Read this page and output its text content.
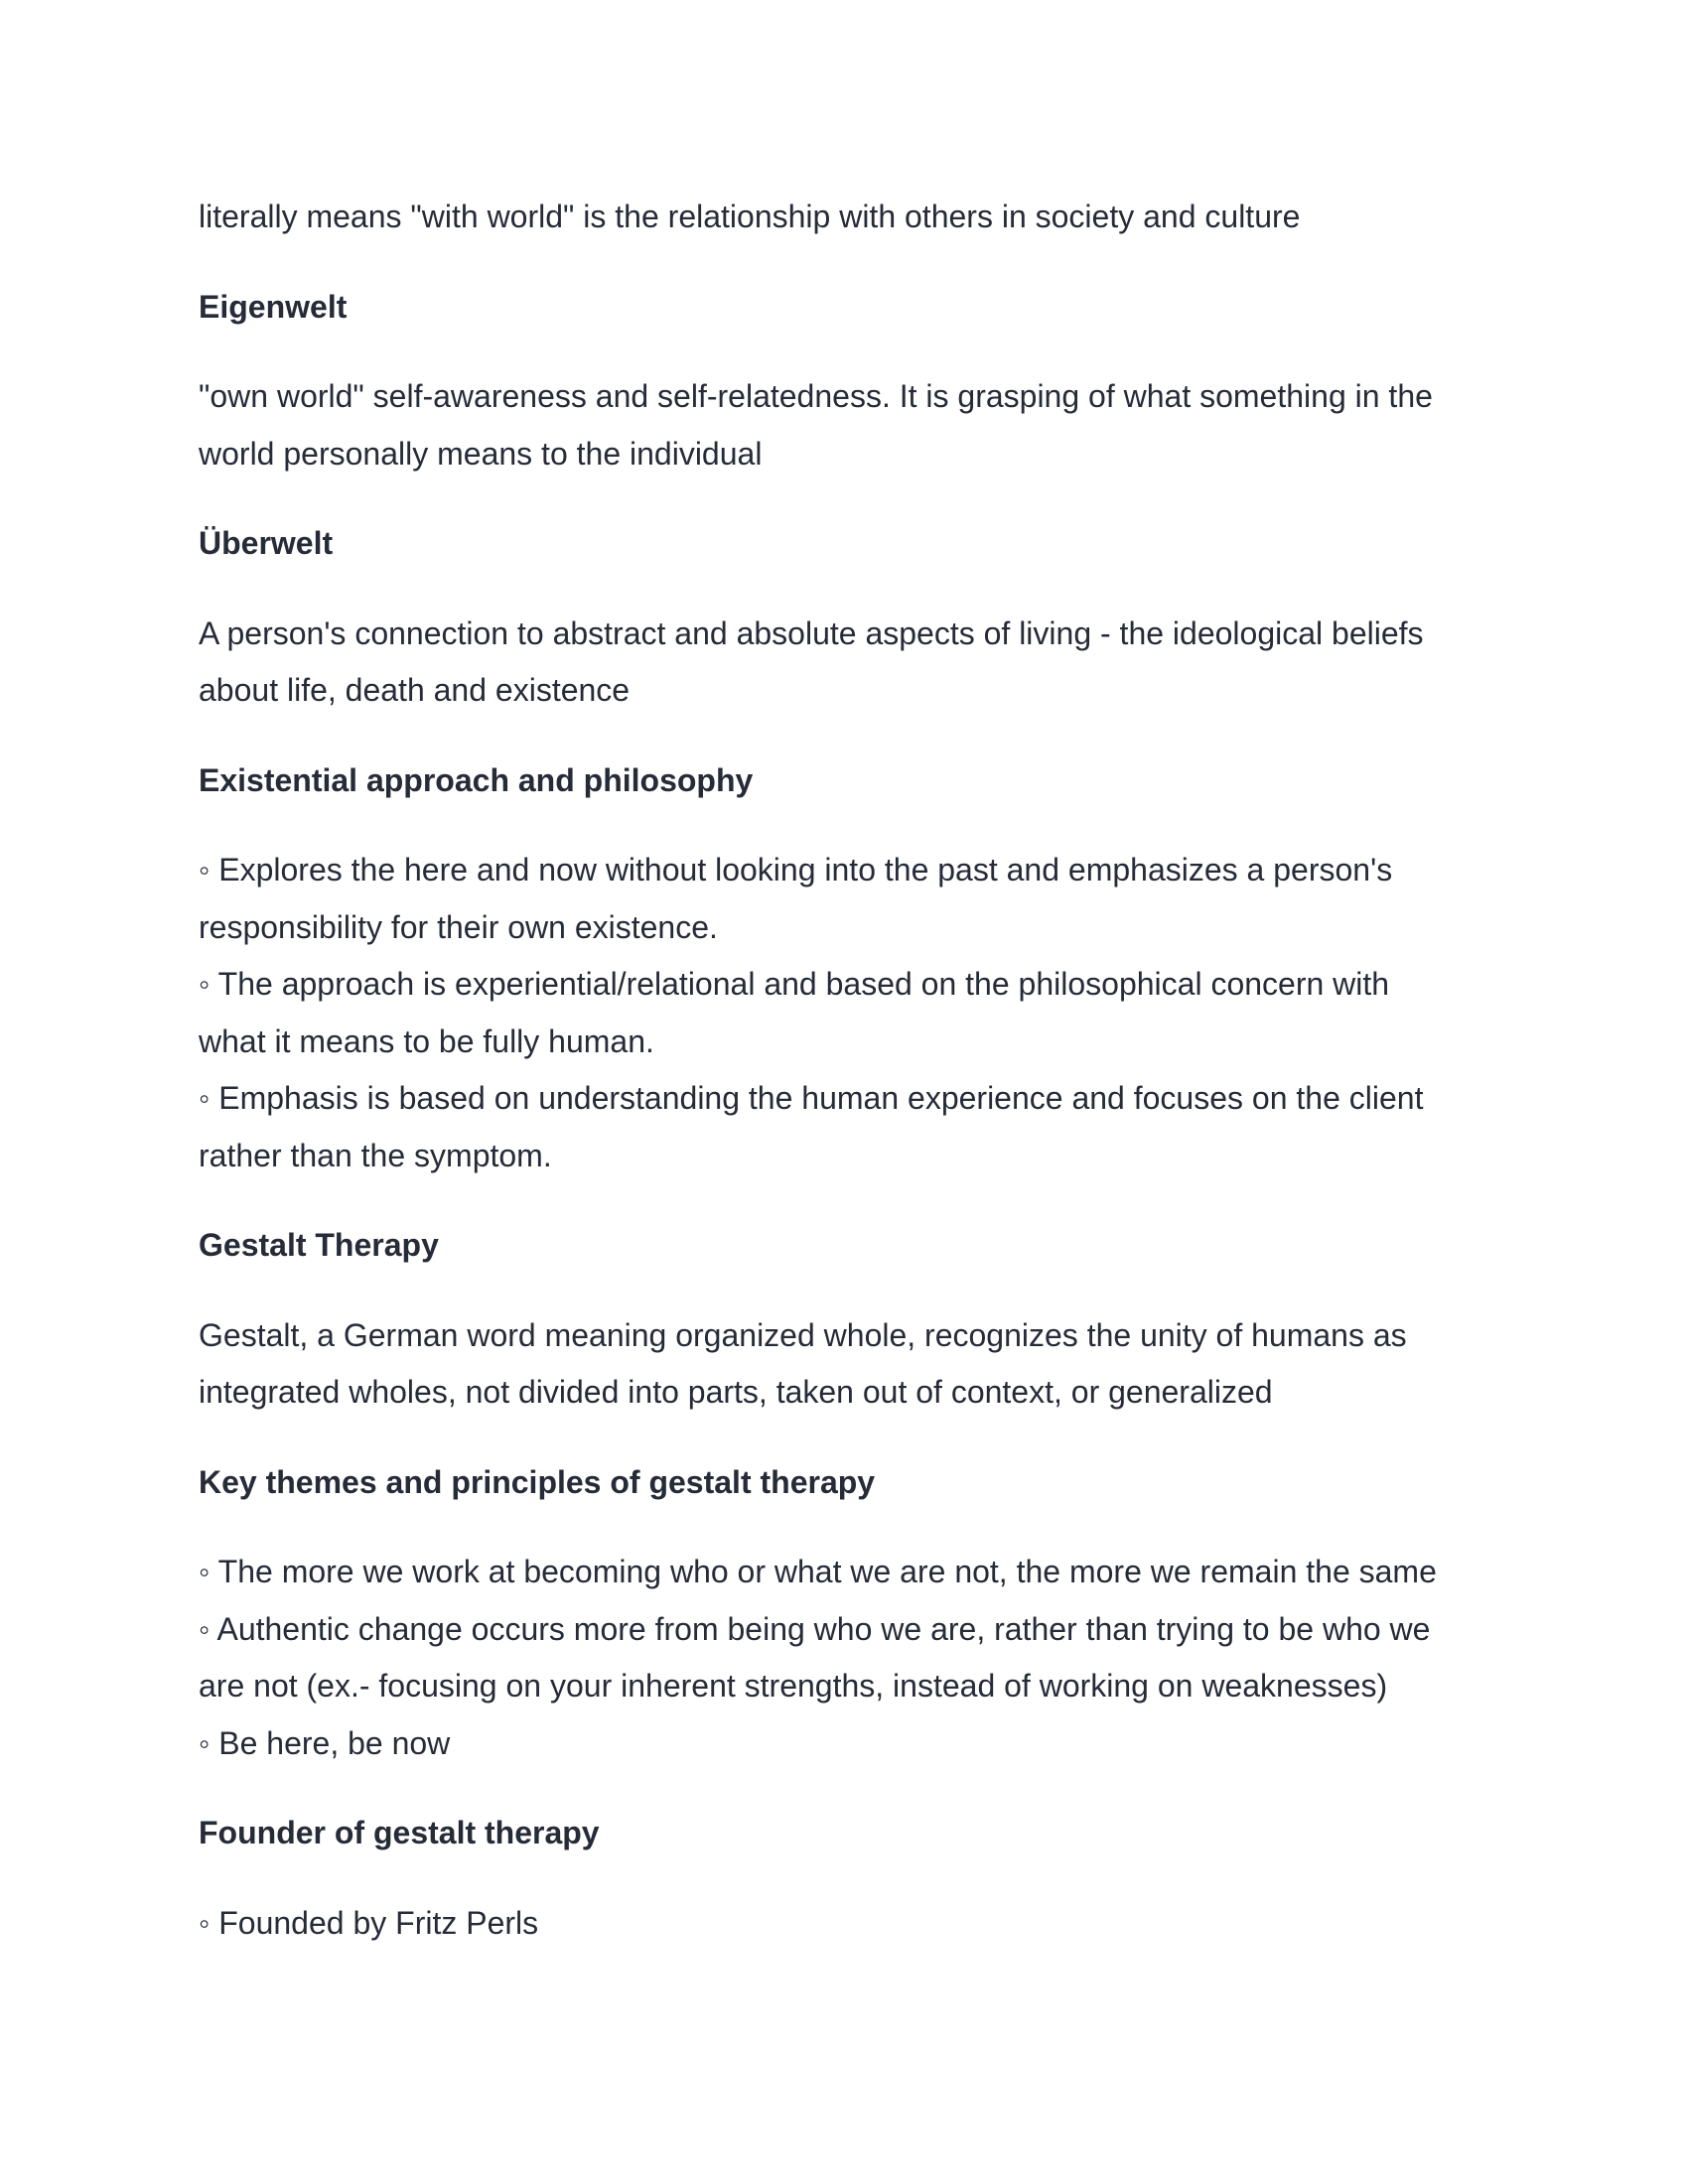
literally means "with world" is the relationship with others in society and culture
Eigenwelt
"own world" self-awareness and self-relatedness. It is grasping of what something in the
world personally means to the individual
Überwelt
A person's connection to abstract and absolute aspects of living - the ideological beliefs
about life, death and existence
Existential approach and philosophy
◦ Explores the here and now without looking into the past and emphasizes a person's
responsibility for their own existence.
◦ The approach is experiential/relational and based on the philosophical concern with
what it means to be fully human.
◦ Emphasis is based on understanding the human experience and focuses on the client
rather than the symptom.
Gestalt Therapy
Gestalt, a German word meaning organized whole, recognizes the unity of humans as
integrated wholes, not divided into parts, taken out of context, or generalized
Key themes and principles of gestalt therapy
◦ The more we work at becoming who or what we are not, the more we remain the same
◦ Authentic change occurs more from being who we are, rather than trying to be who we
are not (ex.- focusing on your inherent strengths, instead of working on weaknesses)
◦ Be here, be now
Founder of gestalt therapy
◦ Founded by Fritz Perls
